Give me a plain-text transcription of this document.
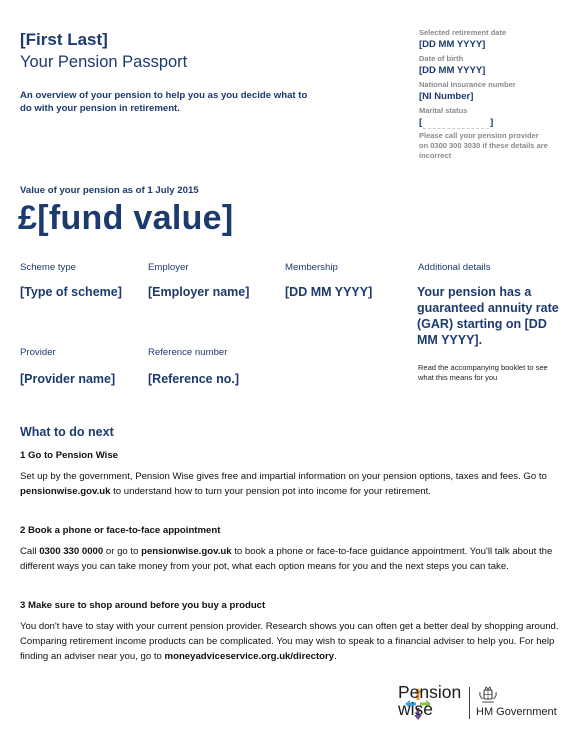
[First Last]
Your Pension Passport
An overview of your pension to help you as you decide what to do with your pension in retirement.
Selected retirement date
[DD MM YYYY]
Date of birth
[DD MM YYYY]
National Insurance number
[NI Number]
Marital status
[	]
Please call your pension provider on 0300 300 3030 if these details are incorrect
Value of your pension as of 1 July 2015
£[fund value]
Scheme type
[Type of scheme]
Employer
[Employer name]
Membership
[DD MM YYYY]
Additional details
Your pension has a guaranteed annuity rate (GAR) starting on [DD MM YYYY].
Provider
[Provider name]
Reference number
[Reference no.]
Read the accompanying booklet to see what this means for you
What to do next
1 Go to Pension Wise
Set up by the government, Pension Wise gives free and impartial information on your pension options, taxes and fees. Go to pensionwise.gov.uk to understand how to turn your pension pot into income for your retirement.
2 Book a phone or face-to-face appointment
Call 0300 330 0000 or go to pensionwise.gov.uk to book a phone or face-to-face guidance appointment. You'll talk about the different ways you can take money from your pot, what each option means for you and the next steps you can take.
3 Make sure to shop around before you buy a product
You don't have to stay with your current pension provider. Research shows you can often get a better deal by shopping around. Comparing retirement income products can be complicated. You may wish to speak to a financial adviser to help you. For help finding an adviser near you, go to moneyadviceservice.org.uk/directory.
Pension
wise	HM Government
